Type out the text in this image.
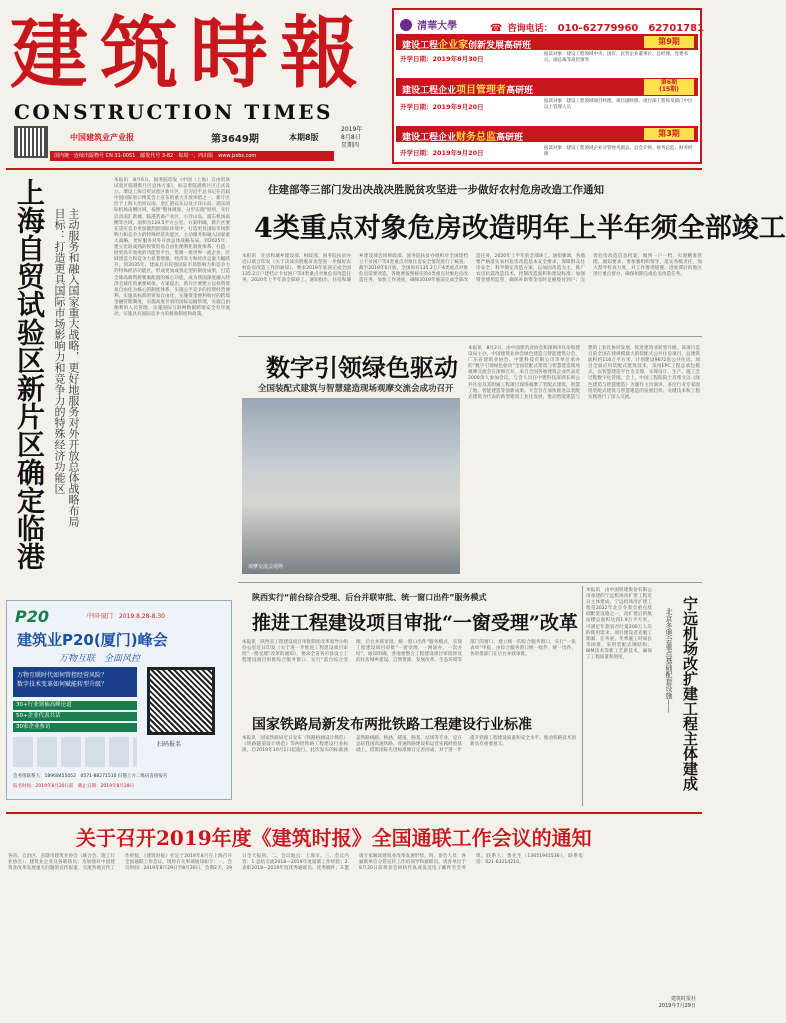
建筑時報
CONSTRUCTION TIMES
中国建筑业产业报	第3649期	本期8版
2019年
8月8日
星期四
国内统一连续出版物号 CN 31-0051　邮发代号 3-82　每周一、四出版　www.jzsbs.com
清華大學	☎ 咨询电话： 010-62779960　62701781
建设工程企业家创新发展高研班	第9期
开学日期：2019年8月30日
报读对象：建设工程领域中央、国有、民营企业董事长、总经理、党委书记、副总裁等高层领导
建设工程企业项目管理者高研班
第6期
(15期)
开学日期：2019年9月20日
报读对象：建设工程领域项目经理、项目副经理、项目部工程师及部门中层以上管理人员
建设工程企业财务总监高研班	第3期
开学日期：2019年9月20日
报读对象：建设工程领域企业分管财务副总、总会计师、财务总监、财务经理
上海自贸试验区新片区确定临港	主动服务和融入国家重大战略，更好地服务对外开放总体战略布局
目标：打造更具国际市场影响力和竞争力的特殊经济功能区
本报讯　8月6日，国务院印发《中国（上海）自由贸易试验区临港新片区总体方案》，标志着临港新片区正式设立。增设上海自贸试验区新片区，是习近平总书记在首届中国国际进口博览会上宣布的重大开放举措之一。新片区位于上海大治河以南、金汇港以东以及小洋山岛、浦东国际机场南侧区域，按照"整体规划、分步实施"原则，先行启动南汇新城、临港装备产业区、小洋山岛、浦东机场南侧等区域，面积为119.5平方公里。方案明确，新片区要在适应竞争更加激烈的国际环境中，打造更具国际市场影响力和竞争力的特殊经济功能区，主动服务和融入国家重大战略，更好服务对外开放总体战略布局。到2025年，建立比较成熟的投资贸易自由化便利化制度体系，打造一批更高开放度的功能型平台，集聚一批世界一流企业，区域创造力和竞争力显著增强，经济实力和经济总量大幅跃升。到2035年，建成具有较强国际市场影响力和竞争力的特殊经济功能区，形成更加成熟定型的制度成果，打造全球高端资源要素配置的核心功能，成为我国深度融入经济全球化的重要载体。方案提出，新片区要建立以投资贸易自由化为核心的制度体系，实施公平竞争的投资经营便利，实施高标准的贸易自由化，实施资金便利收付的跨境金融管理制度，实施高度开放的国际运输管理，实施自由便利的人员管理，实施国际互联网数据跨境安全有序流动，实施具有国际竞争力的税收制度和政策。
P20	中国·厦门　2019.8.28-8.30
建筑业P20(厦门)峰会
万物互联　全面风控
万物互联时代如何管控经营风险？
数字技术变革如何赋能转型升级？
30+行业领袖高峰论道
50+企业代表共话
30家企业参访
扫码报名
会务组联系人：18968455052　0571-88271510 扫描上方二维码直接报名
报名时间：2019年8月20日前　截止日期：2019年8月28日
住建部等三部门发出决战决胜脱贫攻坚进一步做好农村危房改造工作通知
4类重点对象危房改造明年上半年须全部竣工
本报讯　住房和城乡建设部、财政部、国务院扶贫办近日联合印发《关于决战决胜脱贫攻坚进一步做好农村危房改造工作的通知》，要求2019年底前完成全国135.2万户建档立卡贫困户等4类重点对象危房改造任务，2020年上半年前全部竣工。通知指出，住房和城乡建设部会同财政部、国务院扶贫办组织对全国建档立卡贫困户等4类重点对象住房安全情况进行了核查。截至2019年6月底，全国尚有135.2万户4类重点对象危房需要改造。各地要按照核实的4类重点对象危房改造任务，加快工作进度，确保2019年底前完成全部改造任务，2020年上半年前全部竣工。通知强调，各地要严格落实农村危房改造基本安全要求，保障群众住房安全；科学制定改造方案，以加固改造为主，推广农房抗震改造技术，控制改造面积和建设标准；加强资金使用监管，确保补助资金及时足额拨付到户；完善危房改造信息档案，做到一户一档，实现精准管理。通知要求，要加强组织领导，落实各级责任，加大督导检查力度，对工作推进缓慢、进度滞后的地区进行重点督办，确保如期完成危房改造任务。
数字引领绿色驱动
全国装配式建筑与智慧建造现场观摩交流会成功召开
观摩交流会现场
本报讯　8月2日，由中国建筑业协会和深圳市住房和建设局主办，中国建筑业协会绿色建造与智能建筑分会、广东省建筑业协会、中建科技有限公司等单位承办的“数字引领绿色驱动”全国装配式建筑与智慧建造现场观摩交流会在深圳召开，来自全国各地建筑企业代表近2000余人参加会议。与会人员在中建科技深圳长圳公共住房及其附属工程项目现场观摩了装配式建筑、智慧工地、智能建造等创新成果。大会旨在加快推进以装配式建筑为代表的新型建筑工业化发展，推动智能建造与建筑工业化协同发展，促进建筑业转型升级。该项目是目前全国在建规模最大的装配式公共住房项目，总建筑面积约116万平方米，计划建设9672套公共住房。项目全面应用装配式建筑技术，采用EPC工程总承包模式，以智慧建造平台为支撑，实现设计、生产、施工全过程数字化管理。会上，中国工程院院士肖绪文以《绿色建造与智慧建造》为题作主旨演讲，多位行业专家围绕装配式建筑与智慧建造的发展趋势、关键技术和工程实践进行了深入交流。
陕西实行“前台综合受理、后台并联审批、统一窗口出件”服务模式
推进工程建设项目审批“一窗受理”改革
本报讯　陕西省工程建设项目审批制度改革领导小组办公室近日印发《关于进一步推进工程建设项目审批“一窗受理”改革的通知》，要求全省各市县设立工程建设项目审批综合服务窗口，实行“前台综合受理、后台并联审批、统一窗口出件”服务模式，实现工程建设项目审批“一窗受理、一网通办、一次办结”。通知明确，各地要整合工程建设项目审批涉及的住房城乡建设、自然资源、发展改革、生态环境等部门的窗口，建立统一的综合服务窗口，实行“一张表单”申报，由综合服务窗口统一收件、统一出件，各审批部门在后台并联审批。
国家铁路局新发布两批铁路工程建设行业标准
本报讯　国家铁路局近日发布《铁路桥涵设计规范》《铁路隧道设计规范》等两批铁路工程建设行业标准，自2019年10月1日起施行。此次发布的标准涵盖铁路线路、桥涵、隧道、路基、站场等专业，是在总结我国高速铁路、普速铁路建设和运营实践经验基础上，借鉴国际先进标准修订完善而成，对于进一步提升铁路工程建设质量和安全水平、推动铁路技术创新具有重要意义。
本报讯　由中国铁建股份有限公司承建的宁远机场改扩建工程近日主体建成。宁远机场改扩建工程是2022年北京冬奥会重点基础配套设施之一，改扩建后的航站楼总面积达到1.9万平方米，可满足年旅客吞吐量200万人次的使用需求。项目建设者克服工期紧、任务重、冬季施工时间长等困难，采用装配式钢结构、BIM技术等新工艺新技术，确保了工程质量和进度。	宁远机场改扩建工程主体建成
北京冬奥会重点基础配套设施——
关于召开2019年度《建筑时报》全国通联工作会议的通知
各省、自治区、直辖市建筑业协会（联合会、施工行业协会）、建筑业企业及各联络员：为加强对中国建筑业改革发展重大问题的宣传报道，交流各地宣传工作经验，《建筑时报》社定于2019年8月在上海召开全国通联工作会议。现将有关事项通知如下：一、会议时间：2019年8月29日至8月30日，会期2天，29日全天报到。二、会议地点：上海市。三、会议内容：1.总结交流2018—2019年度通联工作经验；2.表彰2018—2019年度优秀通联员、优秀稿件；3.邀请专家解读建筑业改革发展形势。四、参会人员：各通联单位分管宣传工作的领导和通联员。请各单位于8月20日前将参会回执传真或发送电子邮件至会务组。联系人：黄先生（13651941536），联系电话：021-63214210。
建筑时报社
2019年7月29日
